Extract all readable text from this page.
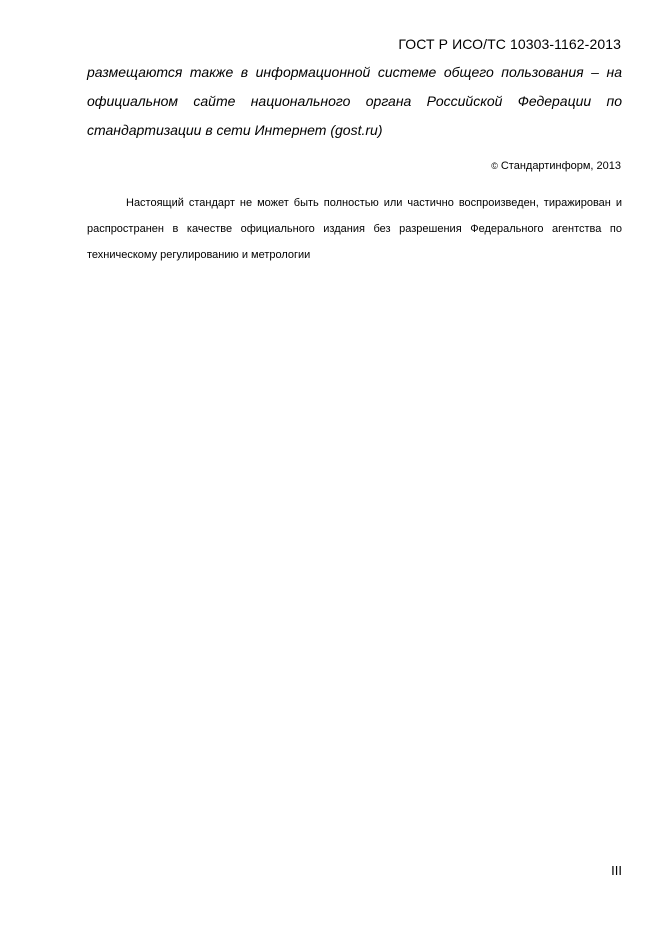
ГОСТ Р ИСО/ТС 10303-1162-2013

размещаются также в информационной системе общего пользования – на
официальном сайте национального органа Российской Федерации по
стандартизации в сети Интернет (gost.ru)

© Стандартинформ, 2013

Настоящий стандарт не может быть полностью или частично воспроизведен, тиражирован и
распространен в качестве официального издания без разрешения Федерального агентства по
техническому регулированию и метрологии

III
